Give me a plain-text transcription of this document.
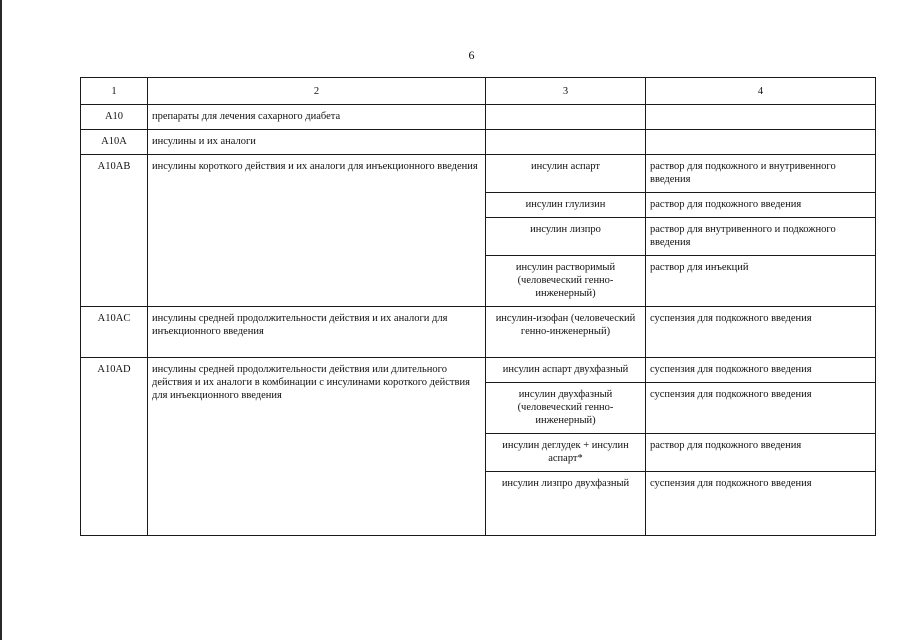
6
1	2	3	4
A10	препараты для лечения сахарного диабета		
A10A	инсулины и их аналоги		
A10AB	инсулины короткого действия и их аналоги для инъекционного введения	инсулин аспарт	раствор для подкожного и внутривенного введения
		инсулин глулизин	раствор для подкожного введения
		инсулин лизпро	раствор для внутривенного и подкожного введения
		инсулин растворимый (человеческий генно-инженерный)	раствор для инъекций
A10AC	инсулины средней продолжительности действия и их аналоги для инъекционного введения	инсулин-изофан (человеческий генно-инженерный)	суспензия для подкожного введения
A10AD	инсулины средней продолжительности действия или длительного действия и их аналоги в комбинации с инсулинами короткого действия для инъекционного введения	инсулин аспарт двухфазный	суспензия для подкожного введения
		инсулин двухфазный (человеческий генно-инженерный)	суспензия для подкожного введения
		инсулин деглудек + инсулин аспарт*	раствор для подкожного введения
		инсулин лизпро двухфазный	суспензия для подкожного введения
